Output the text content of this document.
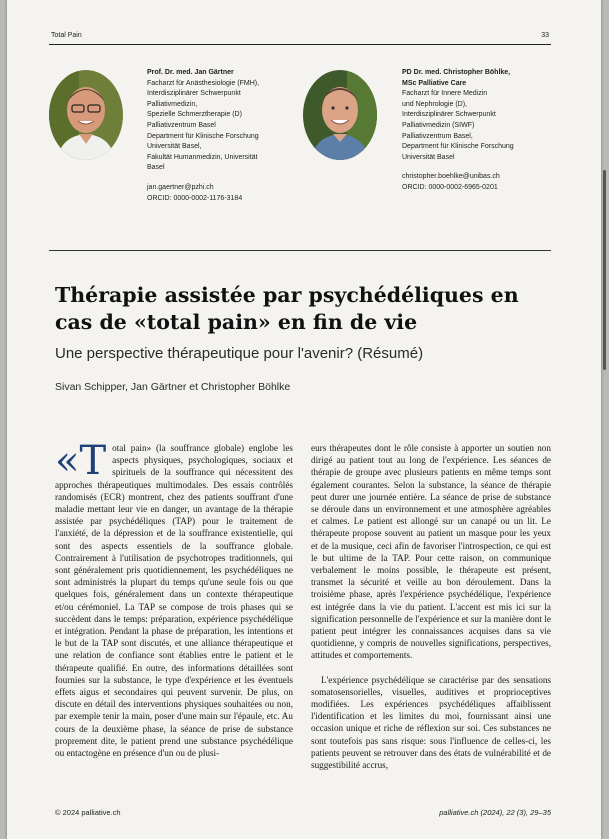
Total Pain	33
Prof. Dr. med. Jan Gärtner
Facharzt für Anästhesiologie (FMH),
Interdisziplinärer Schwerpunkt
Palliativmedizin,
Spezielle Schmerztherapie (D)
Palliativzentrum Basel
Department für Klinische Forschung
Universität Basel,
Fakultät Humanmedizin, Universität
Basel
jan.gaertner@pzhi.ch
ORCID: 0000-0002-1176-3184
PD Dr. med. Christopher Böhlke,
MSc Palliative Care
Facharzt für Innere Medizin
und Nephrologie (D),
Interdisziplinärer Schwerpunkt
Palliativmedizin (SIWF)
Palliativzentrum Basel,
Department für Klinische Forschung
Universität Basel
christopher.boehlke@unibas.ch
ORCID: 0000-0002-6965-0201
Thérapie assistée par psychédéliques en cas de «total pain» en fin de vie
Une perspective thérapeutique pour l'avenir? (Résumé)
Sivan Schipper, Jan Gärtner et Christopher Böhlke

«Total pain» (la souffrance globale) englobe les aspects physiques, psychologiques, sociaux et spirituels de la souffrance qui nécessitent des approches thérapeutiques multimodales. Des essais contrôlés randomisés (ECR) montrent, chez des patients souffrant d'une maladie mettant leur vie en danger, un avantage de la thérapie assistée par psychédéliques (TAP) pour le traitement de l'anxiété, de la dépression et de la souffrance existentielle, qui sont des aspects essentiels de la souffrance globale. Contrairement à l'utilisation de psychotropes traditionnels, qui sont généralement pris quotidiennement, les psychédéliques ne sont administrés la plupart du temps qu'une seule fois ou que quelques fois, généralement dans un contexte thérapeutique et/ou cérémoniel. La TAP se compose de trois phases qui se succèdent dans le temps: préparation, expérience psychédélique et intégration. Pendant la phase de préparation, les intentions et le but de la TAP sont discutés, et une alliance thérapeutique et une relation de confiance sont établies entre le patient et le thérapeute qualifié. En outre, des informations détaillées sont fournies sur la substance, le type d'expérience et les éventuels effets aigus et secondaires qui peuvent survenir. De plus, on discute en détail des interventions physiques souhaitées ou non, par exemple tenir la main, poser d'une main sur l'épaule, etc. Au cours de la deuxième phase, la séance de prise de substance proprement dite, le patient prend une substance psychédélique ou entactogène en présence d'un ou de plusi-

eurs thérapeutes dont le rôle consiste à apporter un soutien non dirigé au patient tout au long de l'expérience. Les séances de thérapie de groupe avec plusieurs patients en même temps sont également courantes. Selon la substance, la séance de thérapie peut durer une journée entière. La séance de prise de substance se déroule dans un environnement et une atmosphère agréables et calmes. Le patient est allongé sur un canapé ou un lit. Le thérapeute propose souvent au patient un masque pour les yeux et de la musique, ceci afin de favoriser l'introspection, ce qui est le but ultime de la TAP. Pour cette raison, on communique verbalement le moins possible, le thérapeute est présent, transmet la sécurité et veille au bon déroulement. Dans la troisième phase, après l'expérience psychédélique, l'expérience est intégrée dans la vie du patient. L'accent est mis ici sur la signification personnelle de l'expérience et sur la manière dont le patient peut intégrer les connaissances acquises dans sa vie quotidienne, y compris de nouvelles significations, perspectives, attitudes et comportements.

L'expérience psychédélique se caractérise par des sensations somatosensorielles, visuelles, auditives et proprioceptives modifiées. Les expériences psychédéliques affaiblissent l'identification et les limites du moi, fournissant ainsi une occasion unique et riche de réflexion sur soi. Ces substances ne sont toutefois pas sans risque: sous l'influence de celles-ci, les patients peuvent se retrouver dans des états de vulnérabilité et de suggestibilité accrus,

© 2024 palliative.ch	palliative.ch (2024), 22 (3), 29–35
